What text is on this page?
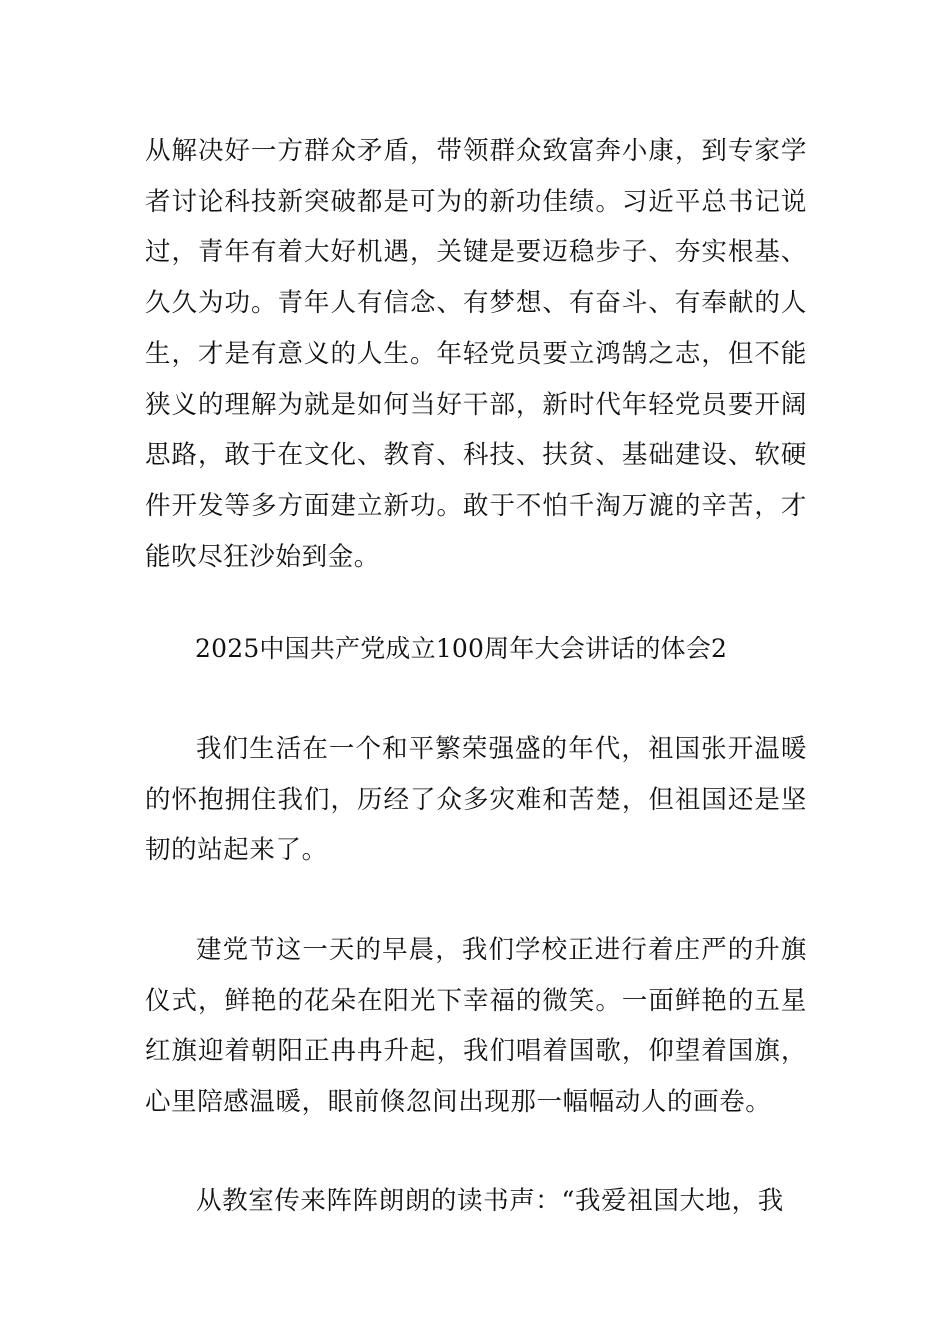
从解决好一方群众矛盾，带领群众致富奔小康，到专家学者讨论科技新突破都是可为的新功佳绩。习近平总书记说过，青年有着大好机遇，关键是要迈稳步子、夯实根基、久久为功。青年人有信念、有梦想、有奋斗、有奉献的人生，才是有意义的人生。年轻党员要立鸿鹄之志，但不能狭义的理解为就是如何当好干部，新时代年轻党员要开阔思路，敢于在文化、教育、科技、扶贫、基础建设、软硬件开发等多方面建立新功。敢于不怕千淘万漉的辛苦，才能吹尽狂沙始到金。

2025中国共产党成立100周年大会讲话的体会2

我们生活在一个和平繁荣强盛的年代，祖国张开温暖的怀抱拥住我们，历经了众多灾难和苦楚，但祖国还是坚韧的站起来了。

建党节这一天的早晨，我们学校正进行着庄严的升旗仪式，鲜艳的花朵在阳光下幸福的微笑。一面鲜艳的五星红旗迎着朝阳正冉冉升起，我们唱着国歌，仰望着国旗，心里陪感温暖，眼前倏忽间出现那一幅幅动人的画卷。

从教室传来阵阵朗朗的读书声：“我爱祖国大地，我
